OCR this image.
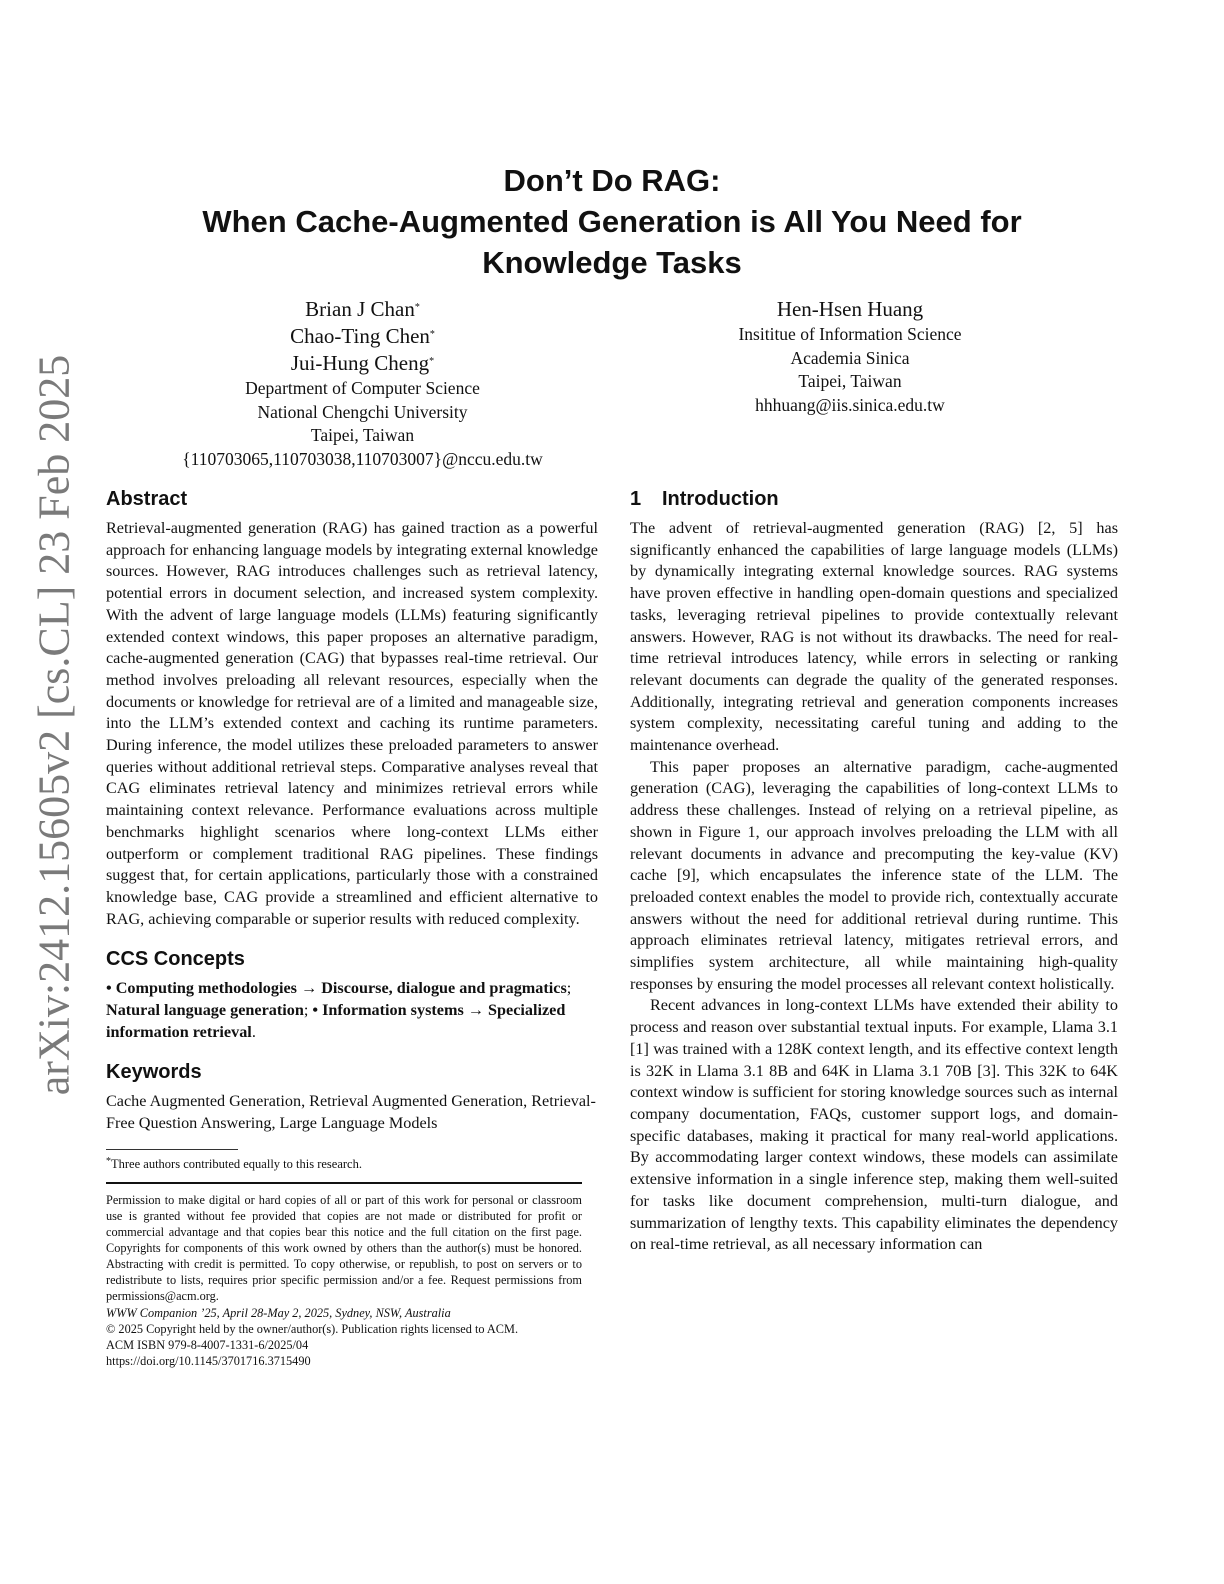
arXiv:2412.15605v2 [cs.CL] 23 Feb 2025
Don’t Do RAG:
When Cache-Augmented Generation is All You Need for
Knowledge Tasks
Brian J Chan*
Chao-Ting Chen*
Jui-Hung Cheng*
Department of Computer Science
National Chengchi University
Taipei, Taiwan
{110703065,110703038,110703007}@nccu.edu.tw
Hen-Hsen Huang
Insititue of Information Science
Academia Sinica
Taipei, Taiwan
hhhuang@iis.sinica.edu.tw
Abstract

Retrieval-augmented generation (RAG) has gained traction as a powerful approach for enhancing language models by integrating external knowledge sources. However, RAG introduces challenges such as retrieval latency, potential errors in document selection, and increased system complexity. With the advent of large language models (LLMs) featuring significantly extended context windows, this paper proposes an alternative paradigm, cache-augmented generation (CAG) that bypasses real-time retrieval. Our method involves preloading all relevant resources, especially when the documents or knowledge for retrieval are of a limited and manageable size, into the LLM’s extended context and caching its runtime parameters. During inference, the model utilizes these preloaded parameters to answer queries without additional retrieval steps. Comparative analyses reveal that CAG eliminates retrieval latency and minimizes retrieval errors while maintaining context relevance. Performance evaluations across multiple benchmarks highlight scenarios where long-context LLMs either outperform or complement traditional RAG pipelines. These findings suggest that, for certain applications, particularly those with a constrained knowledge base, CAG provide a streamlined and efficient alternative to RAG, achieving comparable or superior results with reduced complexity.

CCS Concepts

• Computing methodologies → Discourse, dialogue and pragmatics; Natural language generation; • Information systems → Specialized information retrieval.

Keywords

Cache Augmented Generation, Retrieval Augmented Generation, Retrieval-Free Question Answering, Large Language Models

*Three authors contributed equally to this research.
Permission to make digital or hard copies of all or part of this work for personal or classroom use is granted without fee provided that copies are not made or distributed for profit or commercial advantage and that copies bear this notice and the full citation on the first page. Copyrights for components of this work owned by others than the author(s) must be honored. Abstracting with credit is permitted. To copy otherwise, or republish, to post on servers or to redistribute to lists, requires prior specific permission and/or a fee. Request permissions from permissions@acm.org.
WWW Companion ’25, April 28-May 2, 2025, Sydney, NSW, Australia
© 2025 Copyright held by the owner/author(s). Publication rights licensed to ACM.
ACM ISBN 979-8-4007-1331-6/2025/04
https://doi.org/10.1145/3701716.3715490
1 Introduction

The advent of retrieval-augmented generation (RAG) [2, 5] has significantly enhanced the capabilities of large language models (LLMs) by dynamically integrating external knowledge sources. RAG systems have proven effective in handling open-domain questions and specialized tasks, leveraging retrieval pipelines to provide contextually relevant answers. However, RAG is not without its drawbacks. The need for real-time retrieval introduces latency, while errors in selecting or ranking relevant documents can degrade the quality of the generated responses. Additionally, integrating retrieval and generation components increases system complexity, necessitating careful tuning and adding to the maintenance overhead.

This paper proposes an alternative paradigm, cache-augmented generation (CAG), leveraging the capabilities of long-context LLMs to address these challenges. Instead of relying on a retrieval pipeline, as shown in Figure 1, our approach involves preloading the LLM with all relevant documents in advance and precomputing the key-value (KV) cache [9], which encapsulates the inference state of the LLM. The preloaded context enables the model to provide rich, contextually accurate answers without the need for additional retrieval during runtime. This approach eliminates retrieval latency, mitigates retrieval errors, and simplifies system architecture, all while maintaining high-quality responses by ensuring the model processes all relevant context holistically.

Recent advances in long-context LLMs have extended their ability to process and reason over substantial textual inputs. For example, Llama 3.1 [1] was trained with a 128K context length, and its effective context length is 32K in Llama 3.1 8B and 64K in Llama 3.1 70B [3]. This 32K to 64K context window is sufficient for storing knowledge sources such as internal company documentation, FAQs, customer support logs, and domain-specific databases, making it practical for many real-world applications. By accommodating larger context windows, these models can assimilate extensive information in a single inference step, making them well-suited for tasks like document comprehension, multi-turn dialogue, and summarization of lengthy texts. This capability eliminates the dependency on real-time retrieval, as all necessary information can
